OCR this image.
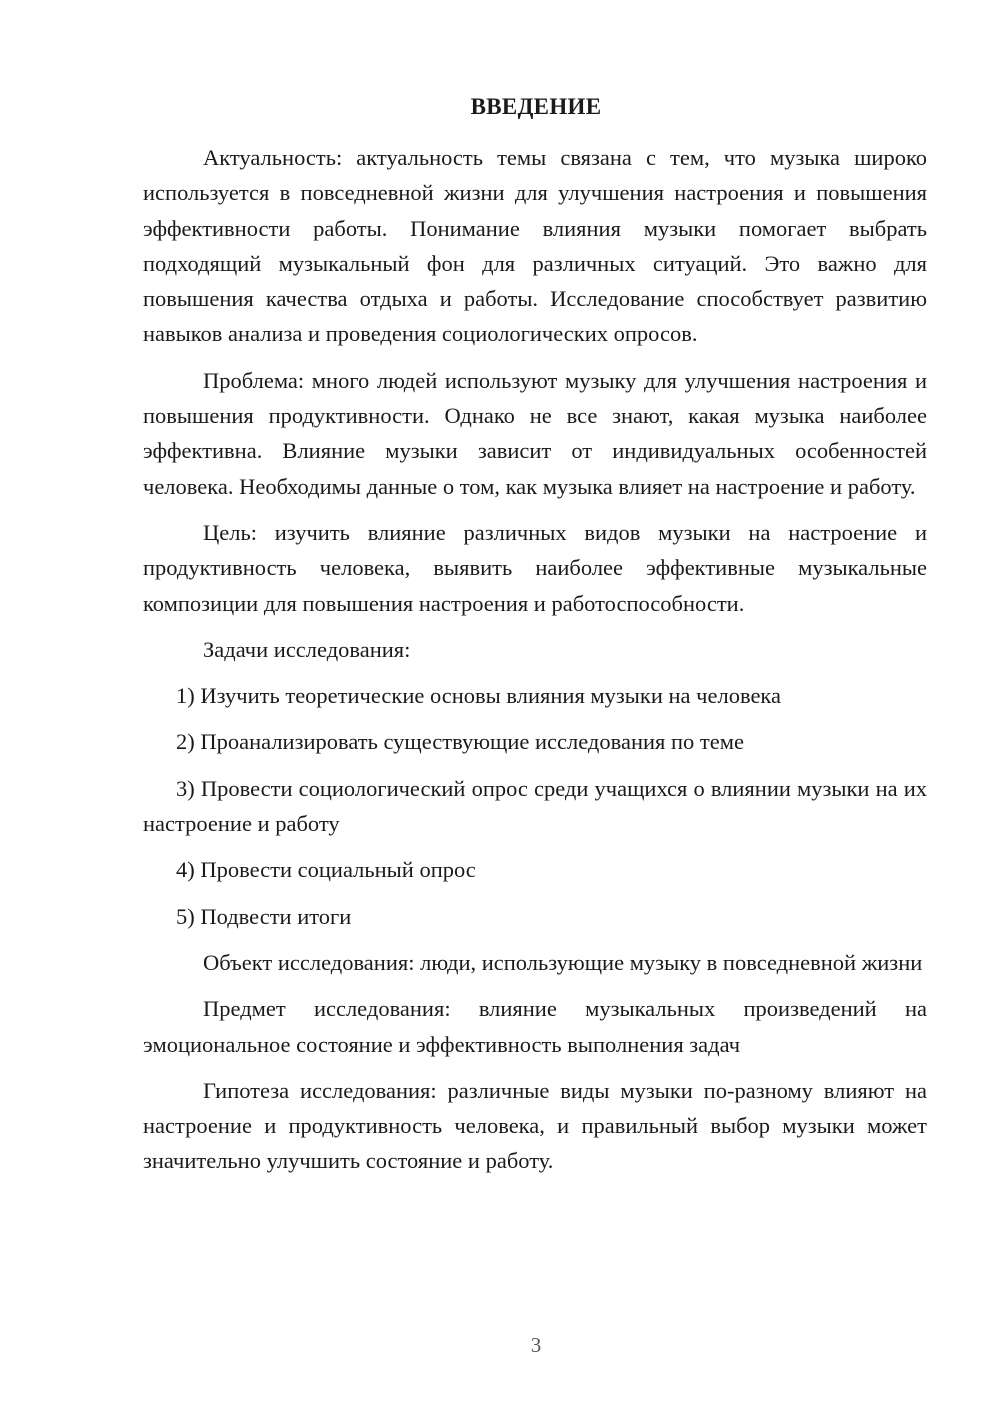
ВВЕДЕНИЕ

Актуальность: актуальность темы связана с тем, что музыка широко используется в повседневной жизни для улучшения настроения и повышения эффективности работы. Понимание влияния музыки помогает выбрать подходящий музыкальный фон для различных ситуаций. Это важно для повышения качества отдыха и работы. Исследование способствует развитию навыков анализа и проведения социологических опросов.

Проблема: много людей используют музыку для улучшения настроения и повышения продуктивности. Однако не все знают, какая музыка наиболее эффективна. Влияние музыки зависит от индивидуальных особенностей человека. Необходимы данные о том, как музыка влияет на настроение и работу.

Цель: изучить влияние различных видов музыки на настроение и продуктивность человека, выявить наиболее эффективные музыкальные композиции для повышения настроения и работоспособности.

Задачи исследования:

1) Изучить теоретические основы влияния музыки на человека

2) Проанализировать существующие исследования по теме

3) Провести социологический опрос среди учащихся о влиянии музыки на их настроение и работу

4) Провести социальный опрос

5) Подвести итоги

Объект исследования: люди, использующие музыку в повседневной жизни

Предмет исследования: влияние музыкальных произведений на эмоциональное состояние и эффективность выполнения задач

Гипотеза исследования: различные виды музыки по-разному влияют на настроение и продуктивность человека, и правильный выбор музыки может значительно улучшить состояние и работу.

3
